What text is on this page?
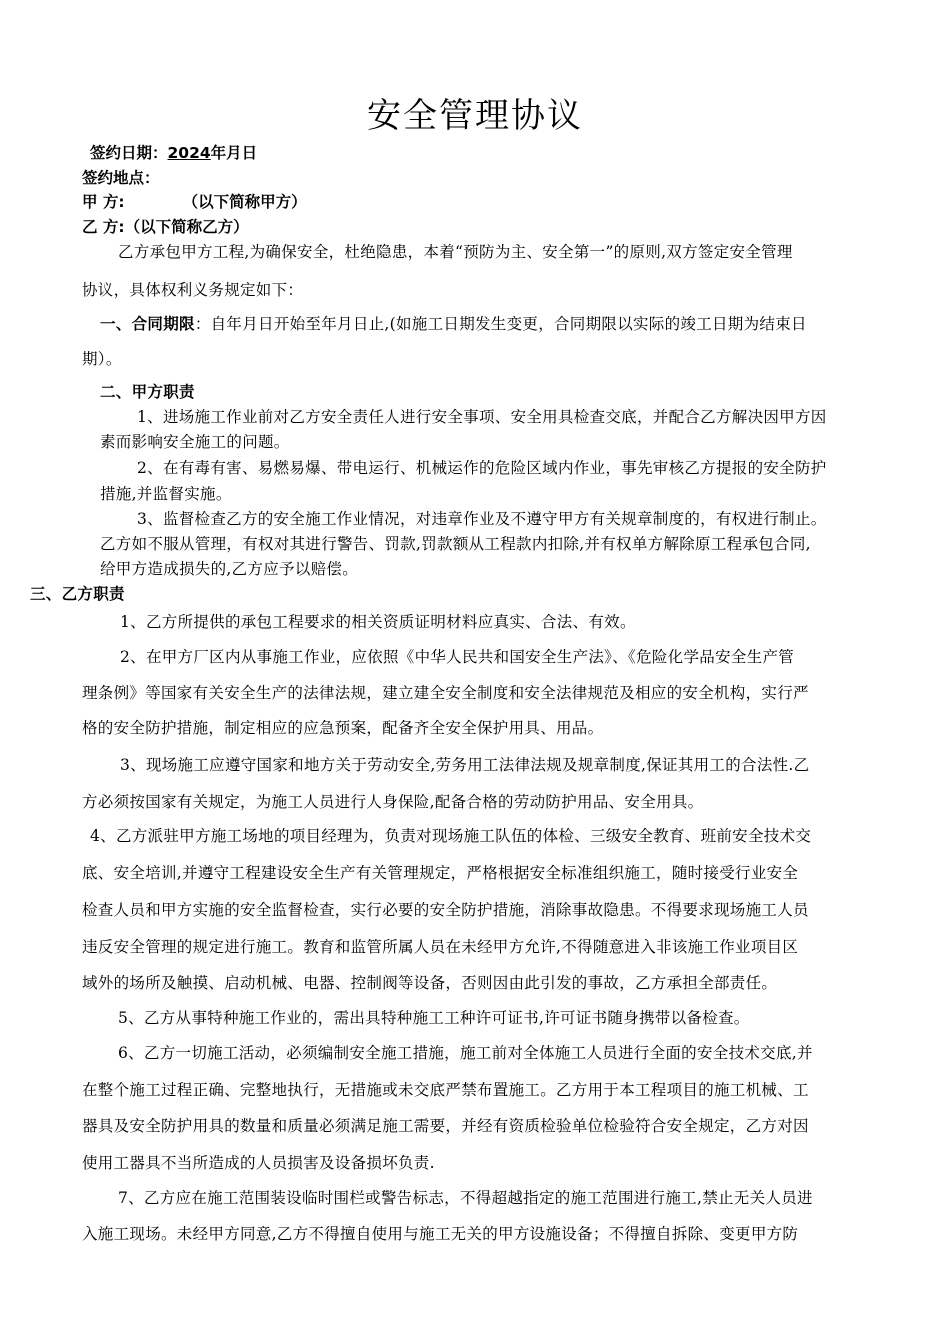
安全管理协议
签约日期：2024年月日
签约地点：
甲 方:	（以下简称甲方）
乙 方:（以下简称乙方）
乙方承包甲方工程,为确保安全，杜绝隐患，本着“预防为主、安全第一”的原则,双方签定安全管理
协议，具体权利义务规定如下：
一、合同期限：自年月日开始至年月日止,(如施工日期发生变更，合同期限以实际的竣工日期为结束日
期）。
二、甲方职责
1、进场施工作业前对乙方安全责任人进行安全事项、安全用具检查交底，并配合乙方解决因甲方因
素而影响安全施工的问题。
2、在有毒有害、易燃易爆、带电运行、机械运作的危险区域内作业，事先审核乙方提报的安全防护
措施,并监督实施。
3、监督检查乙方的安全施工作业情况，对违章作业及不遵守甲方有关规章制度的，有权进行制止。
乙方如不服从管理，有权对其进行警告、罚款,罚款额从工程款内扣除,并有权单方解除原工程承包合同,
给甲方造成损失的,乙方应予以赔偿。
三、乙方职责
1、乙方所提供的承包工程要求的相关资质证明材料应真实、合法、有效。
2、在甲方厂区内从事施工作业，应依照《中华人民共和国安全生产法》、《危险化学品安全生产管
理条例》等国家有关安全生产的法律法规，建立建全安全制度和安全法律规范及相应的安全机构，实行严
格的安全防护措施，制定相应的应急预案，配备齐全安全保护用具、用品。
3、现场施工应遵守国家和地方关于劳动安全,劳务用工法律法规及规章制度,保证其用工的合法性.乙
方必须按国家有关规定，为施工人员进行人身保险,配备合格的劳动防护用品、安全用具。
4、乙方派驻甲方施工场地的项目经理为，负责对现场施工队伍的体检、三级安全教育、班前安全技术交
底、安全培训,并遵守工程建设安全生产有关管理规定，严格根据安全标准组织施工，随时接受行业安全
检查人员和甲方实施的安全监督检查，实行必要的安全防护措施，消除事故隐患。不得要求现场施工人员
违反安全管理的规定进行施工。教育和监管所属人员在未经甲方允许,不得随意进入非该施工作业项目区
域外的场所及触摸、启动机械、电器、控制阀等设备，否则因由此引发的事故，乙方承担全部责任。
5、乙方从事特种施工作业的，需出具特种施工工种许可证书,许可证书随身携带以备检查。
6、乙方一切施工活动，必须编制安全施工措施，施工前对全体施工人员进行全面的安全技术交底,并
在整个施工过程正确、完整地执行，无措施或未交底严禁布置施工。乙方用于本工程项目的施工机械、工
器具及安全防护用具的数量和质量必须满足施工需要，并经有资质检验单位检验符合安全规定，乙方对因
使用工器具不当所造成的人员损害及设备损坏负责.
7、乙方应在施工范围装设临时围栏或警告标志，不得超越指定的施工范围进行施工,禁止无关人员进
入施工现场。未经甲方同意,乙方不得擅自使用与施工无关的甲方设施设备；不得擅自拆除、变更甲方防
